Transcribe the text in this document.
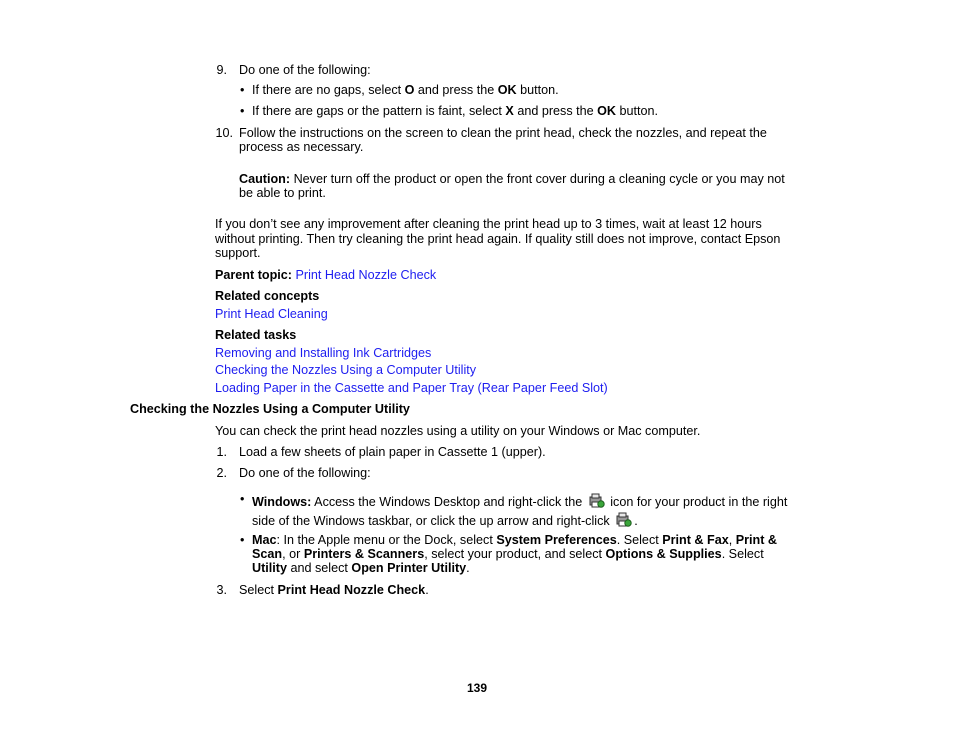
9. Do one of the following:
• If there are no gaps, select O and press the OK button.
• If there are gaps or the pattern is faint, select X and press the OK button.
10. Follow the instructions on the screen to clean the print head, check the nozzles, and repeat the
process as necessary.
Caution: Never turn off the product or open the front cover during a cleaning cycle or you may not
be able to print.
If you don’t see any improvement after cleaning the print head up to 3 times, wait at least 12 hours
without printing. Then try cleaning the print head again. If quality still does not improve, contact Epson
support.
Parent topic: Print Head Nozzle Check
Related concepts
Print Head Cleaning
Related tasks
Removing and Installing Ink Cartridges
Checking the Nozzles Using a Computer Utility
Loading Paper in the Cassette and Paper Tray (Rear Paper Feed Slot)
Checking the Nozzles Using a Computer Utility
You can check the print head nozzles using a utility on your Windows or Mac computer.
1. Load a few sheets of plain paper in Cassette 1 (upper).
2. Do one of the following:
• Windows: Access the Windows Desktop and right-click the  icon for your product in the right
side of the Windows taskbar, or click the up arrow and right-click .
• Mac: In the Apple menu or the Dock, select System Preferences. Select Print & Fax, Print &
Scan, or Printers & Scanners, select your product, and select Options & Supplies. Select
Utility and select Open Printer Utility.
3. Select Print Head Nozzle Check.
139
